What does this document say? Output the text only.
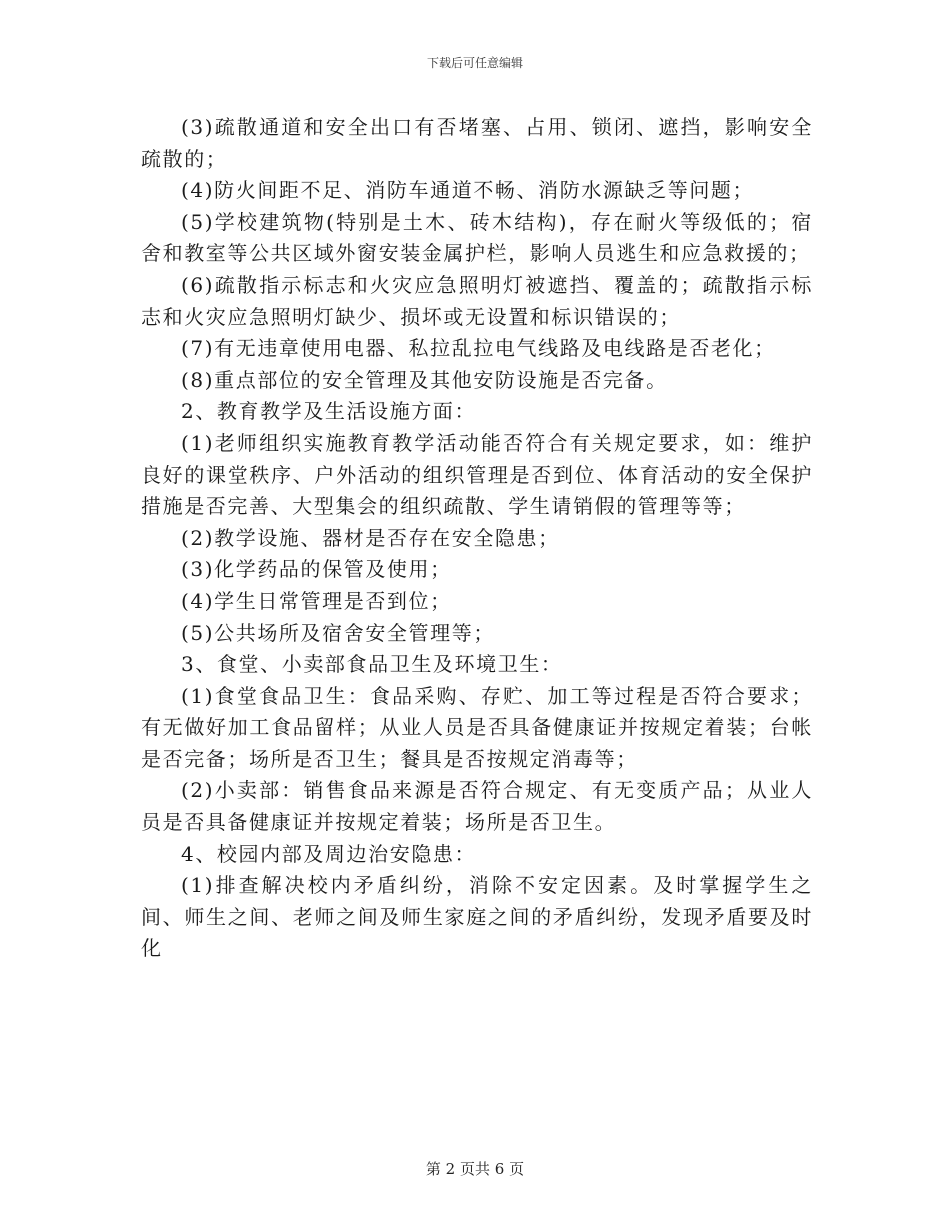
下载后可任意编辑

(3)疏散通道和安全出口有否堵塞、占用、锁闭、遮挡，影响安全疏散的；

(4)防火间距不足、消防车通道不畅、消防水源缺乏等问题；

(5)学校建筑物(特别是土木、砖木结构)，存在耐火等级低的；宿舍和教室等公共区域外窗安装金属护栏，影响人员逃生和应急救援的；

(6)疏散指示标志和火灾应急照明灯被遮挡、覆盖的；疏散指示标志和火灾应急照明灯缺少、损坏或无设置和标识错误的；

(7)有无违章使用电器、私拉乱拉电气线路及电线路是否老化；

(8)重点部位的安全管理及其他安防设施是否完备。

2、教育教学及生活设施方面：

(1)老师组织实施教育教学活动能否符合有关规定要求，如：维护良好的课堂秩序、户外活动的组织管理是否到位、体育活动的安全保护措施是否完善、大型集会的组织疏散、学生请销假的管理等等；

(2)教学设施、器材是否存在安全隐患；

(3)化学药品的保管及使用；

(4)学生日常管理是否到位；

(5)公共场所及宿舍安全管理等；

3、食堂、小卖部食品卫生及环境卫生：

(1)食堂食品卫生：食品采购、存贮、加工等过程是否符合要求；有无做好加工食品留样；从业人员是否具备健康证并按规定着装；台帐是否完备；场所是否卫生；餐具是否按规定消毒等；

(2)小卖部：销售食品来源是否符合规定、有无变质产品；从业人员是否具备健康证并按规定着装；场所是否卫生。

4、校园内部及周边治安隐患：

(1)排查解决校内矛盾纠纷，消除不安定因素。及时掌握学生之间、师生之间、老师之间及师生家庭之间的矛盾纠纷，发现矛盾要及时化

第 2 页共 6 页
